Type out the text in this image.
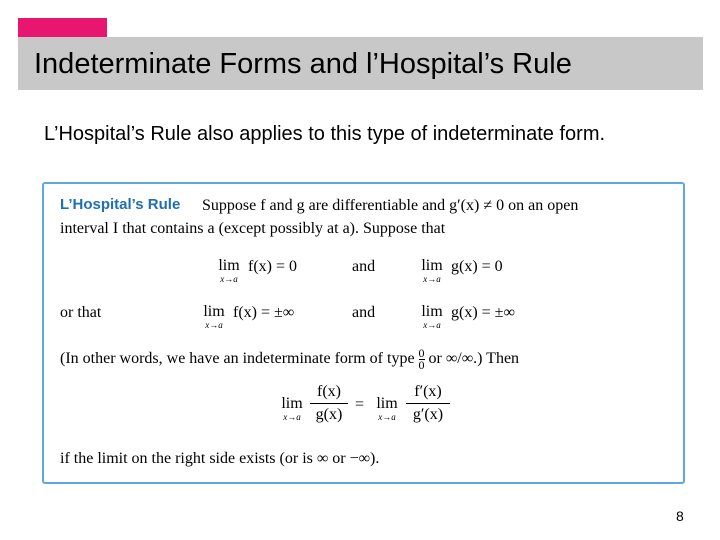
Indeterminate Forms and l’Hospital’s Rule
L’Hospital’s Rule also applies to this type of indeterminate form.
L’Hospital’s Rule Suppose f and g are differentiable and g′(x) ≠ 0 on an open
interval I that contains a (except possibly at a). Suppose that
lim
x→a
f(x) = 0	and	lim
x→a
g(x) = 0
or that	lim
x→a
f(x) = ±∞	and	lim
x→a
g(x) = ±∞
(In other words, we have an indeterminate form of type $\frac{0}{0}$ or ∞/∞.) Then
lim
x→a
f(x)
g(x)
= lim
x→a
f′(x)
g′(x)
if the limit on the right side exists (or is ∞ or −∞).
8
